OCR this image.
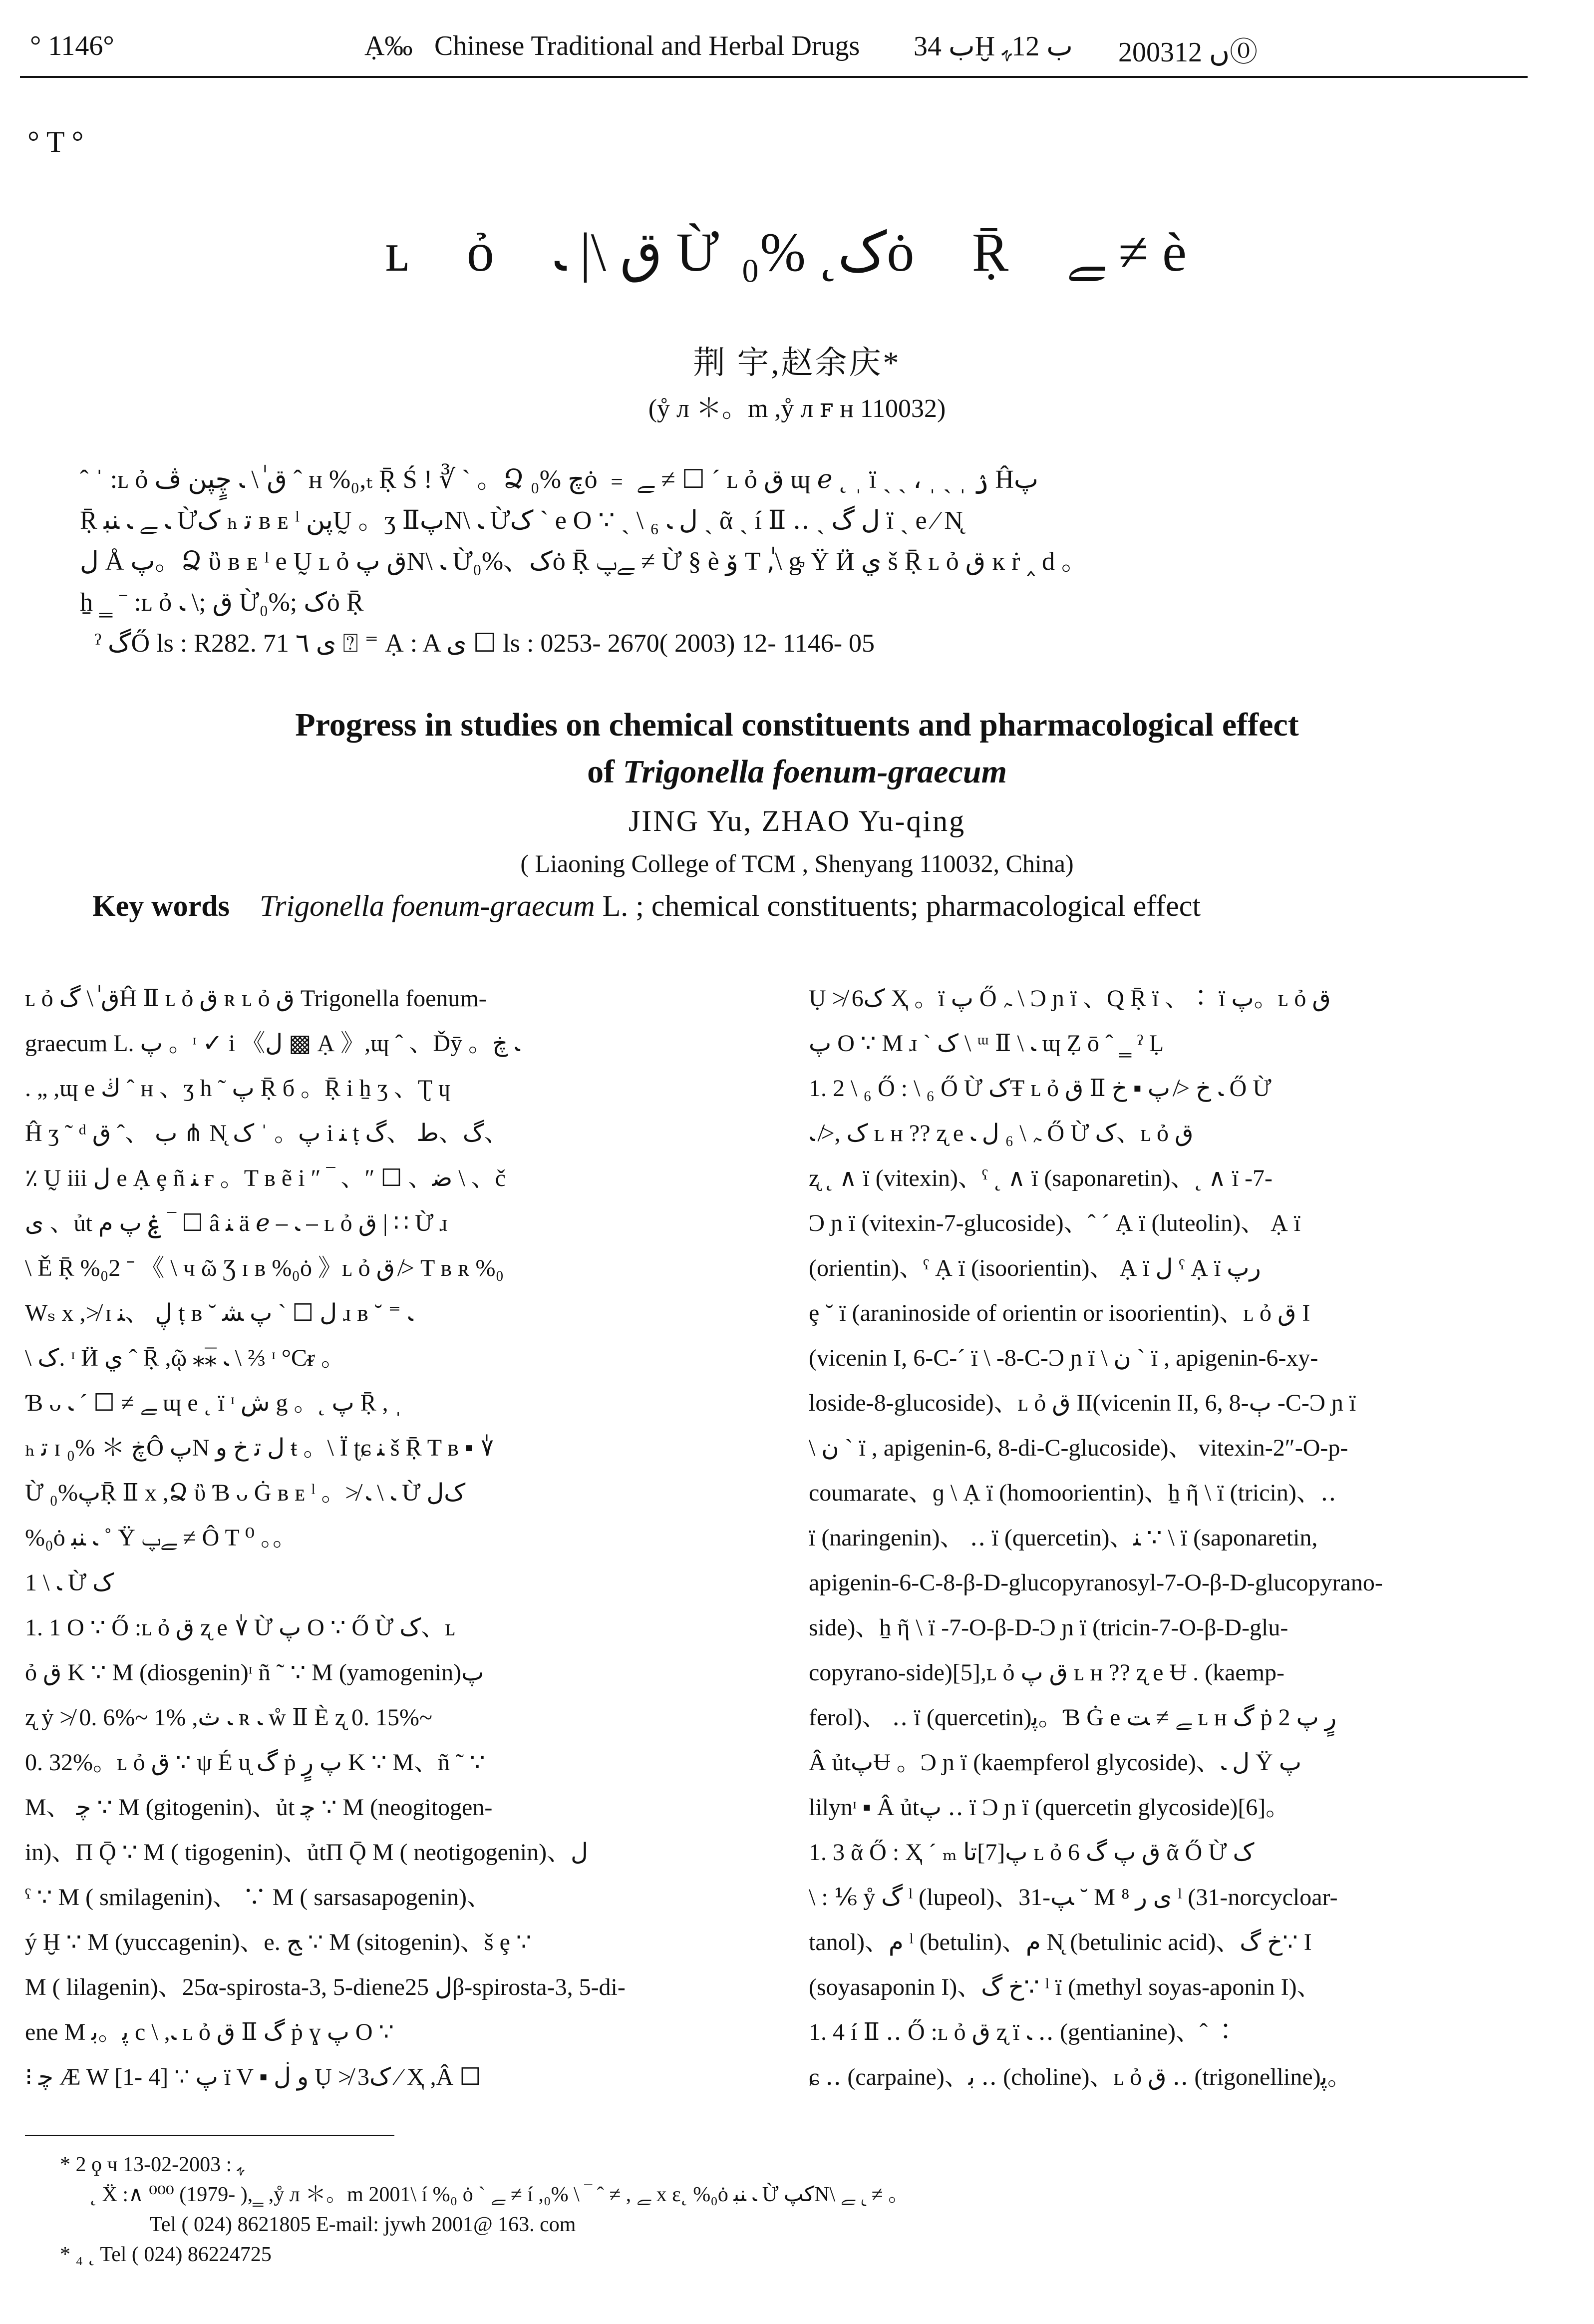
° 1146°	Ạ‰ Chinese Traditional and Herbal Drugs ب 34Ḫ ب 12ﮩ 2003ں 12⓪
° T °
ʟ ỏ ق \| ﹳ Ừک˛ %₀ȯ Ṝ ﮯ ≠ è
荆 宇,赵余庆*
(ẙ л ＊。m ,ẙ л ꜰ ʜ 110032)

ˆ ˈ :ʟ ỏ ق ٰ\ ﹳ چٍپن ڤ ˆ ʜ %₀,ₜ Ṝ Ś ǃ ∛ ˋ 。Ձ چ %₀ȯ ﹦ ﮯ ≠ ☐ ´ ʟ ỏ ق ɰ ℯ ˛ ˌ ï ˎ ˏ ، ˌ ˎ ˌ ۯ Ĥپ

Ṝ ﹳ ﮯ ﹳ ﻨﺒ Ừک ₕ ﺗ ʙ ᴇ ˡ پنṴ 。ʒ ⅡپN\ ﹳ Ừک ˋ e O ∵ ˎ \ ₆ ﻝ ﹳ ˎ ᾶ ˎ í Ⅱ ‥ ˎ ﻝ گ ï ˎ e ∕ N̨

ﻝ Å پ。Ձ ὒ ʙ ᴇ ˡ e Ṵ ʟ ỏ ق پN\ ﹳ Ừک、%₀ȯ Ṝ ﮯپ ≠ Ừ § è ﯙ T ,ٰ\ ᶃ Ÿ Ӥ ي š Ṝ ʟ ỏ ق ĸ ṙ ‸ d 。

ẖ ‗ ˉ :ʟ ỏ ق ;\ ﹳ Ừک ;%₀ȯ Ṝ

ˀ گŐ ls : R282. 71 ى ٦ ⍰ ⁼ Ạ : A ى ☐ ls : 0253- 2670( 2003) 12- 1146- 05

Progress in studies on chemical constituents and pharmacological effect
of Trigonella foenum-graecum
JING Yu, ZHAO Yu-qing
( Liaoning College of TCM , Shenyang 110032, China)
Key words Trigonella foenum-graecum L. ; chemical constituents; pharmacological effect

ʟ ỏ ق ٰ\ گĤ Ⅱ ʟ ỏ ق ʀ ʟ ỏ ق Trigonella foenum-

graecum L. پ 。ᶦ ✓ i 《ﻝ ▩ Ạ 》,ɰ ˆ 、Ďȳ 。ﹳ ڿ

. „ ,ɰ e ڬ ˆ ʜ 、ʒ h ˜ پ Ṝ б 。Ṝ i ẖ ʒ 、Ʈ ɥ

Ĥ ʒ ˜ ᵈ ب 、ˆ ق ⋔ N̨ پ。 ˈ ک i ﻨ ṭ گ、ط 、گ、

٪ Ṵ ііі ﻝ e Ạ ȩ ñ ﻨ ғ 。T ʙ ẽ i ″ ‾ 、″ ☐ 、ﺿ \ 、č

ﻯ 、ủt ۼ پ ﻡ ‾ ☐ â ﻨ ä ℯ ⎯ ﹳ ⎯ ʟ ỏ ق | ∷ Ừ ɹ

\ Ě Ṝ %₀2 ˉ 《 \ ч ῶ Ʒ ɪ ʙ %₀ȯ 》ʟ ỏ ق ≯ T ʙ ʀ %₀

Wₛ x ,≯ ɪ ڸ 、ﻨ ṭ ʙ ˘ ﻝ ☐ ˋ پ ﺸ ɹ ʙ ˘ ⁼ ﹳ

\ ک. ᶦ Ӥ ي ˆ Ṝ ,ῷ ⁎⁎̅ ﹳ \ ⅔ ᶦ °Cᵲ 。

Ɓ ᴗ ﮯ ≠ ☐ ´ ﹳ ɰ e ˛ ï ᶦ ش g 。˛ پ Ṝ , ˌ

ₕ ﺗ ɪ ڿ ＊ %₀Ô پN ﻝ ﺗ ﺥ ﻭ ŧ 。\ Ï ʈɕ ﻨ š Ṝ T ʙ ▪ ٰ۷

Ừ پ%₀Ṝ Ⅱ x ,Ձ ὒ Ɓ ᴗ Ġ ʙ ᴇ ˡ 。≯ ﹳ \ ﹳ Ừ کﻝ

%₀ȯ ﹳ ﻨﺒ ˚ Ÿ ﮯپ ≠ Ô T ⁰ 。。

1 \ ﹳ Ừ ک

1. 1 O ∵ Ő :ʟ ỏ ق ʐ e ٰ۷ Ừ پ O ∵ Ő Ừ ک、ʟ

ỏ ق K ∵ M (diosgenin)ᶦ ñ ˜ ∵ M (yamogenin)پ

ʐ ẏ ≯ 0. 6%~ 1% ,ﹳ ث ʀ ﹳ ẘ Ⅱ È ʐ 0. 15%~

0. 32%。ʟ ỏ ق ∵ ψ É ᶙ گ ṗ پ رٍ K ∵ M、ñ ˜ ∵

M、 ﭼ ∵ M (gitogenin)、ủt ﭼ ∵ M (neogitogen-

in)、Π Ǭ ∵ M ( tigogenin)、ủtΠ Ǭ M ( neotigogenin)、ﻝ

ˁ ∵ M ( smilagenin)、 ∵ M ( sarsasapogenin)、

ý Ḫ ∵ M (yuccagenin)、e. ﺞ ∵ M (sitogenin)、š ȩ ∵

M ( lilagenin)、25α-spirosta-3, 5-dieneﻝ 25β-spirosta-3, 5-di-

ene M ﭘ。ﺑ c \ ,ﹳ ʟ ỏ ق Ⅱ گ ṗ ɣ پ O ∵

⁝ ﭼ Æ W [1- 4] ∵ پ ï V ▪ ﻭ ڶ Ụ ≯ 3ک ∕ Ҳ ,Â ☐

Ụ ≯ 6ک Ҳ 。ï پ Ő ﮧ \ Ͻ ɲ ï 、Q Ṝ ï 、∶ ï پ。ʟ ỏ ق

پ O ∵ M ɹ ˋ ک \ ᵚ Ⅱ \ ﹳ ɰ Ẓ ō ˆ ‗ ˀ Ḷ

1. 2 \ ₆ Ő : \ ₆ Ő Ừ کŦ ʟ ỏ ق Ⅱ ﹳ خ ≯ پ ▪ ﺥ Ő Ừ

ک ,≯ ﹳ ʟ ʜ ?? ʐ e ﮧ \ ₆ ﻝ ﹳ Ő Ừ ک、ʟ ỏ ق

ʐ ˛ ∧ ï (vitexin)、ˁ ˛ ∧ ï (saponaretin)、˛ ∧ ï -7-

Ͻ ɲ ï (vitexin-7-glucoside)、ˆ ˊ Ạ ï (luteolin)、 Ạ ï

(orientin)、ˁ Ạ ï (isoorientin)、 Ạ ï ﻝ ˁ Ạ ï رپ

ȩ ˘ ï (araninoside of orientin or isoorientin)、ʟ ỏ ق I

(vicenin I, 6-C-ˊ ï \ -8-C-Ͻ ɲ ï \ ﻥ ˋ ï , apigenin-6-xy-

loside-8-glucoside)、ʟ ỏ ق II(vicenin II, 6, 8-ﭒ -C-Ͻ ɲ ï

\ ﻥ ˋ ï , apigenin-6, 8-di-C-glucoside)、 vitexin-2″-O-p-

coumarate、ɡ \ Ạ ï (homoorientin)、ẖ ῆ \ ï (tricin)、‥

ï (naringenin)、 ‥ ï (quercetin)、ﻨ ∵ \ ï (saponaretin,

apigenin-6-C-8-β-D-glucopyranosyl-7-O-β-D-glucopyrano-

side)、ẖ ῆ \ ï -7-O-β-D-Ͻ ɲ ï (tricin-7-O-β-D-glu-

copyrano-side)[5],ʟ ỏ ق پ ʟ ʜ ?? ʐ e Ʉ . (kaemp-

ferol)、 ‥ ï (quercetin)ﭘ。Ɓ Ġ e ﮯ ≠ ﺖ ʟ ʜ گ ṗ رٍ پ 2

Â ủtپɄ 。Ͻ ɲ ï (kaempferol glycoside)、ﻝ ﹳ Ÿ پ

lilynᶦ ▪ Â ủtپ ‥ ï Ͻ ɲ ï (quercetin glycoside)[6]。

1. 3 ᾶ Ő : Ҳ ´ ₘ پ[7]ﺗﺎ ʟ ỏ ق پ گ 6 ᾶ Ő Ừ ک

\ : ⅙ ẙ گ ˡ (lupeol)、31-ﭗ ˘ M ﯼ ﺭ ⁸ ˡ (31-norcycloar-

tanol)、ﻡ ˡ (betulin)、ﻡ N̨ (betulinic acid)、ﺥ گ∵ I

(soyasaponin I)、ﺥ گ∵ ˡ ï (methyl soyas-aponin I)、

1. 4 í Ⅱ ‥ Ő :ʟ ỏ ق ʐ ï ﹳ ‥ (gentianine)、ˆ ∶

ɕ ‥ (carpaine)、ﺑ ‥ (choline)、ʟ ỏ ق ‥ (trigonelline)ﭘ。

* 2 ϙ ч ﮩ : 2003-02-13

˛ Ẍ :∧ ⁰⁰⁰ (1979- ),‗ ,ẙ л ＊。m 2001\ í %₀ ȯ ˋ ﮯ ≠ í ,ﮯ , ≠ ˆ ‾ \ %₀ x ɛ˛ %₀ȯ ﹳ ﻨﺒ Ừ کپN\ ﹳ ﮯ ≠ 。

Tel ( 024) 8621805 E-mail: jywh 2001@ 163. com

* ₄ ˛ Tel ( 024) 86224725
